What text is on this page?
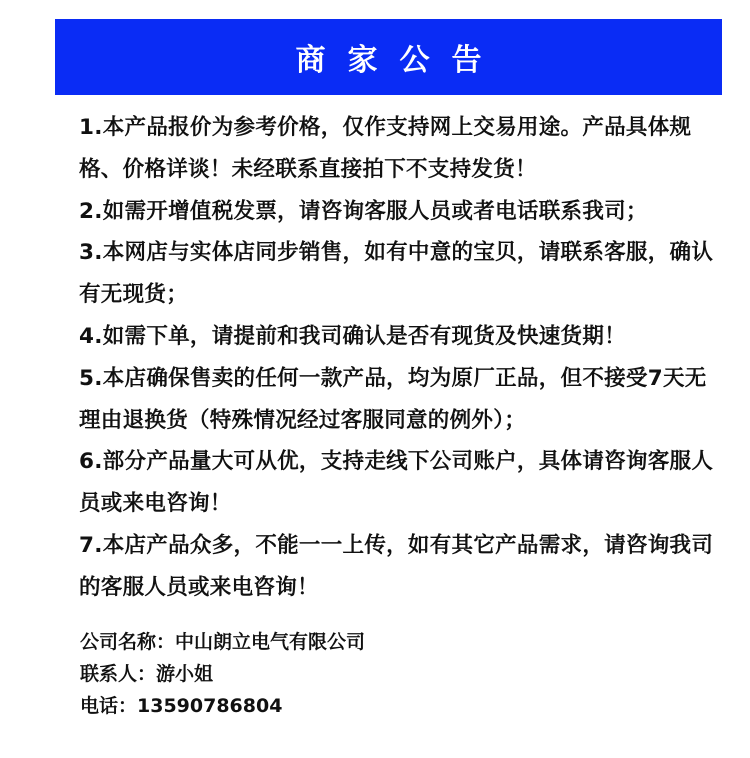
商家公告

1.本产品报价为参考价格，仅作支持网上交易用途。产品具体规格、价格详谈！未经联系直接拍下不支持发货！

2.如需开增值税发票，请咨询客服人员或者电话联系我司；

3.本网店与实体店同步销售，如有中意的宝贝，请联系客服，确认有无现货；

4.如需下单，请提前和我司确认是否有现货及快速货期！

5.本店确保售卖的任何一款产品，均为原厂正品，但不接受7天无理由退换货（特殊情况经过客服同意的例外）；

6.部分产品量大可从优，支持走线下公司账户，具体请咨询客服人员或来电咨询！

7.本店产品众多，不能一一上传，如有其它产品需求，请咨询我司的客服人员或来电咨询！

公司名称：中山朗立电气有限公司
联系人：游小姐
电话：13590786804
